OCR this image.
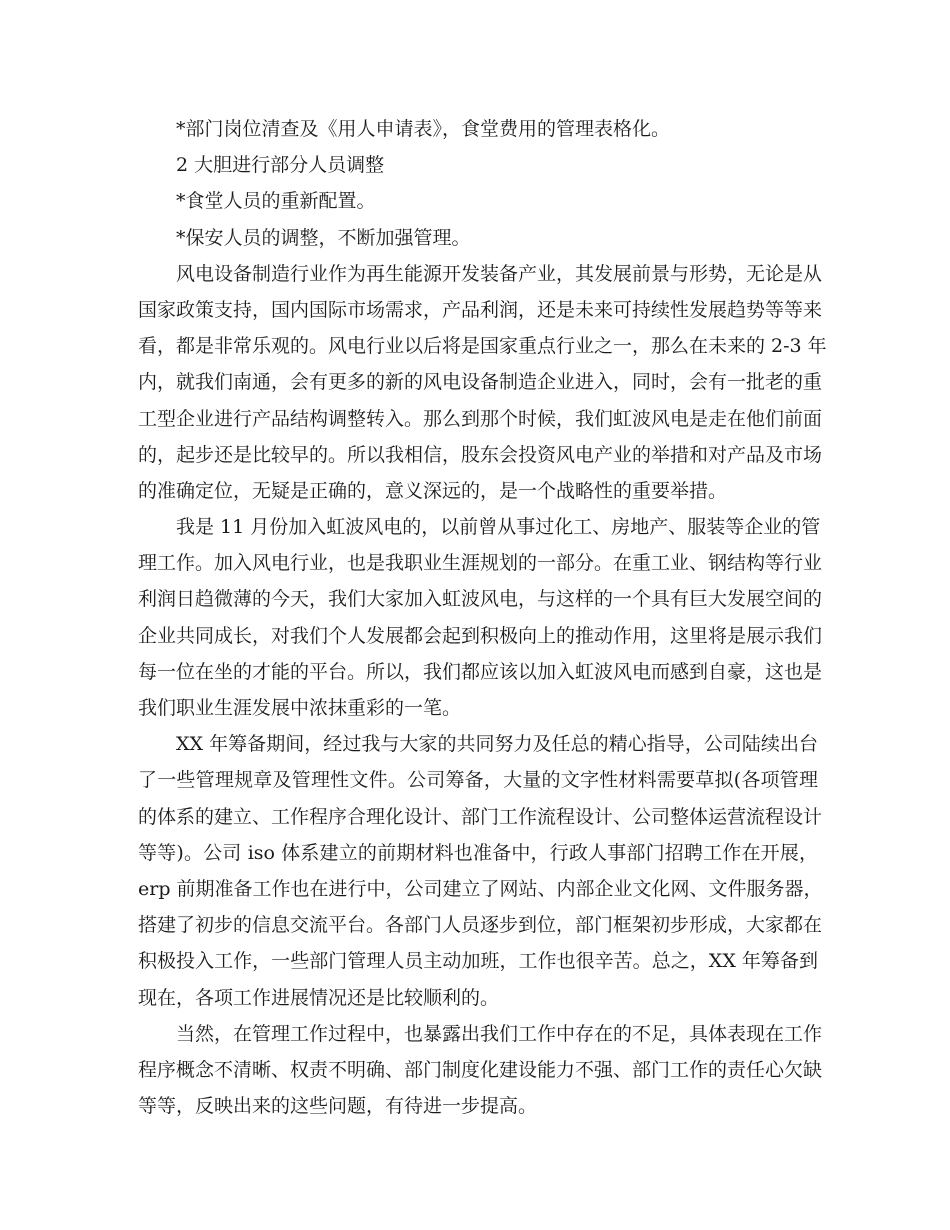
*部门岗位清查及《用人申请表》，食堂费用的管理表格化。
2 大胆进行部分人员调整
*食堂人员的重新配置。
*保安人员的调整，不断加强管理。
风电设备制造行业作为再生能源开发装备产业，其发展前景与形势，无论是从
国家政策支持，国内国际市场需求，产品利润，还是未来可持续性发展趋势等等来
看，都是非常乐观的。风电行业以后将是国家重点行业之一，那么在未来的 2-3 年
内，就我们南通，会有更多的新的风电设备制造企业进入，同时，会有一批老的重
工型企业进行产品结构调整转入。那么到那个时候，我们虹波风电是走在他们前面
的，起步还是比较早的。所以我相信，股东会投资风电产业的举措和对产品及市场
的准确定位，无疑是正确的，意义深远的，是一个战略性的重要举措。
我是 11 月份加入虹波风电的，以前曾从事过化工、房地产、服装等企业的管
理工作。加入风电行业，也是我职业生涯规划的一部分。在重工业、钢结构等行业
利润日趋微薄的今天，我们大家加入虹波风电，与这样的一个具有巨大发展空间的
企业共同成长，对我们个人发展都会起到积极向上的推动作用，这里将是展示我们
每一位在坐的才能的平台。所以，我们都应该以加入虹波风电而感到自豪，这也是
我们职业生涯发展中浓抹重彩的一笔。
XX 年筹备期间，经过我与大家的共同努力及任总的精心指导，公司陆续出台
了一些管理规章及管理性文件。公司筹备，大量的文字性材料需要草拟(各项管理
的体系的建立、工作程序合理化设计、部门工作流程设计、公司整体运营流程设计
等等)。公司 iso 体系建立的前期材料也准备中，行政人事部门招聘工作在开展，
erp 前期准备工作也在进行中，公司建立了网站、内部企业文化网、文件服务器，
搭建了初步的信息交流平台。各部门人员逐步到位，部门框架初步形成，大家都在
积极投入工作，一些部门管理人员主动加班，工作也很辛苦。总之，XX 年筹备到
现在，各项工作进展情况还是比较顺利的。
当然，在管理工作过程中，也暴露出我们工作中存在的不足，具体表现在工作
程序概念不清晰、权责不明确、部门制度化建设能力不强、部门工作的责任心欠缺
等等，反映出来的这些问题，有待进一步提高。
